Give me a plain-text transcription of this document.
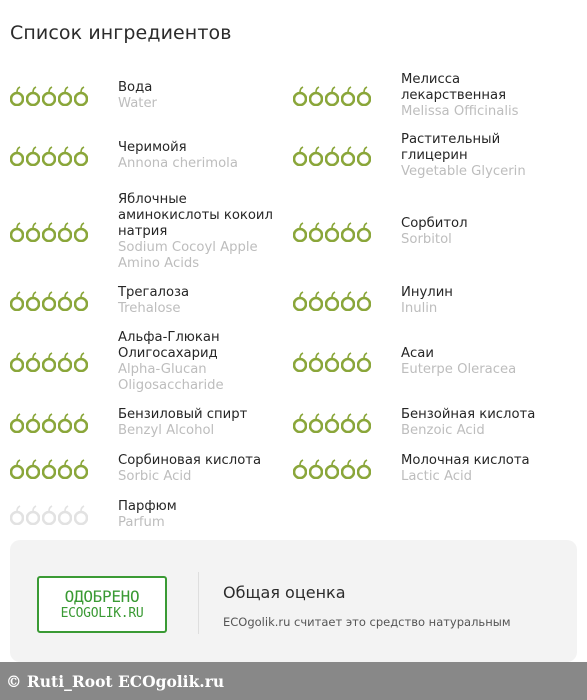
Список ингредиентов
Вода
Water
Мелисса лекарственная
Melissa Officinalis
Черимойя
Annona cherimola
Растительный глицерин
Vegetable Glycerin
Яблочные аминокислоты кокоил натрия
Sodium Cocoyl Apple Amino Acids
Сорбитол
Sorbitol
Трегалоза
Trehalose
Инулин
Inulin
Альфа-Глюкан Олигосахарид
Alpha-Glucan Oligosaccharide
Асаи
Euterpe Oleracea
Бензиловый спирт
Benzyl Alcohol
Бензойная кислота
Benzoic Acid
Сорбиновая кислота
Sorbic Acid
Молочная кислота
Lactic Acid
Парфюм
Parfum
ОДОБРЕНО
ECOGOLIK.RU
Общая оценка
ECOgolik.ru считает это средство натуральным
© Ruti_Root ECOgolik.ru
